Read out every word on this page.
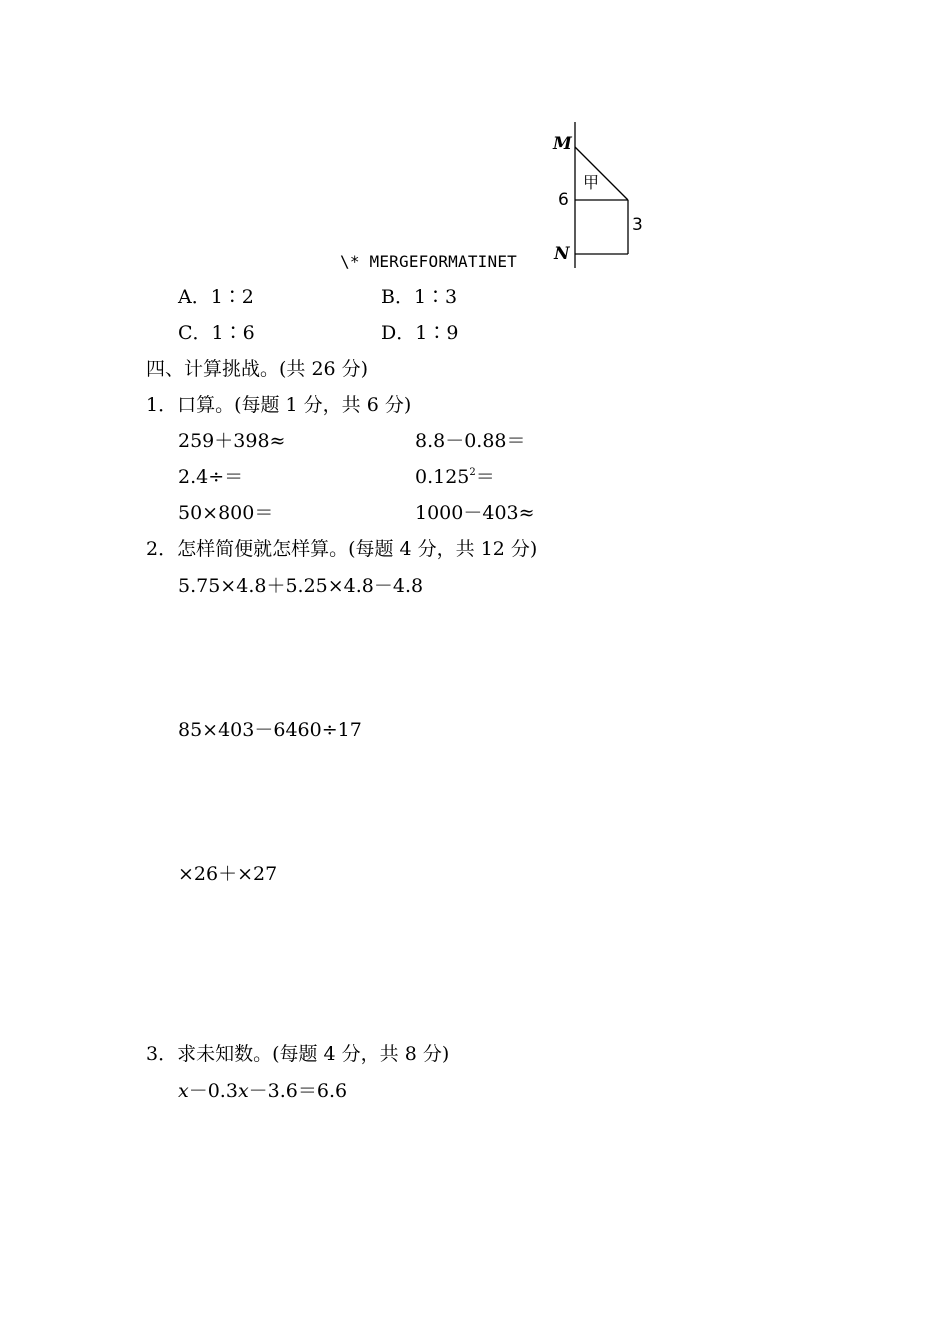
M
6
N
3
甲
\* MERGEFORMATINET
A．1∶2	B．1∶3
C．1∶6	D．1∶9
四、计算挑战。(共 26 分)
1．口算。(每题 1 分，共 6 分)
259＋398≈	8.8－0.88＝
2.4÷＝	$0.125^2=$
50×800＝	1000－403≈
2．怎样简便就怎样算。(每题 4 分，共 12 分)
5.75×4.8＋5.25×4.8－4.8
85×403－6460÷17
×26＋×27
3．求未知数。(每题 4 分，共 8 分)
x－0.3x－3.6＝6.6
